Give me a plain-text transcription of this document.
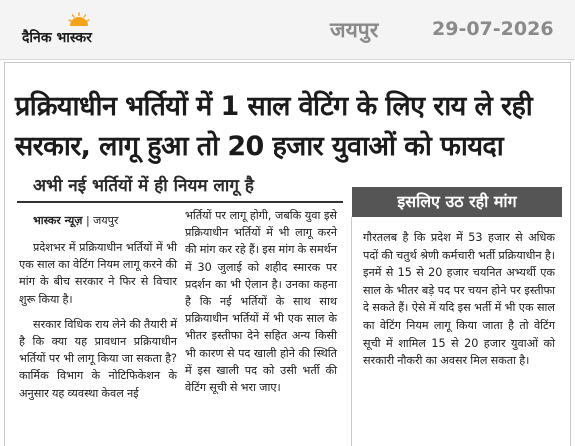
दैनिक भास्कर	जयपुर	29-07-2026
प्रक्रियाधीन भर्तियों में 1 साल वेटिंग के लिए राय ले रही
सरकार, लागू हुआ तो 20 हजार युवाओं को फायदा
अभी नई भर्तियों में ही नियम लागू है
इसलिए उठ रही मांग
भास्कर न्यूज़ | जयपुर

प्रदेशभर में प्रक्रियाधीन भर्तियों में भी एक साल का वेटिंग नियम लागू करने की मांग के बीच सरकार ने फिर से विचार शुरू किया है।

सरकार विधिक राय लेने की तैयारी में है कि क्या यह प्रावधान प्रक्रियाधीन भर्तियों पर भी लागू किया जा सकता है? कार्मिक विभाग के नोटिफिकेशन के अनुसार यह व्यवस्था केवल नई

भर्तियों पर लागू होगी, जबकि युवा इसे प्रक्रियाधीन भर्तियों में भी लागू करने की मांग कर रहे हैं। इस मांग के समर्थन में 30 जुलाई को शहीद स्मारक पर प्रदर्शन का भी ऐलान है। उनका कहना है कि नई भर्तियों के साथ साथ प्रक्रियाधीन भर्तियों में भी एक साल के भीतर इस्तीफा देने सहित अन्य किसी भी कारण से पद खाली होने की स्थिति में इस खाली पद को उसी भर्ती की वेटिंग सूची से भरा जाए।
गौरतलब है कि प्रदेश में 53 हजार से अधिक पदों की चतुर्थ श्रेणी कर्मचारी भर्ती प्रक्रियाधीन है। इनमें से 15 से 20 हजार चयनित अभ्यर्थी एक साल के भीतर बड़े पद पर चयन होने पर इस्तीफा दे सकते हैं। ऐसे में यदि इस भर्ती में भी एक साल का वेटिंग नियम लागू किया जाता है तो वेटिंग सूची में शामिल 15 से 20 हजार युवाओं को सरकारी नौकरी का अवसर मिल सकता है।
